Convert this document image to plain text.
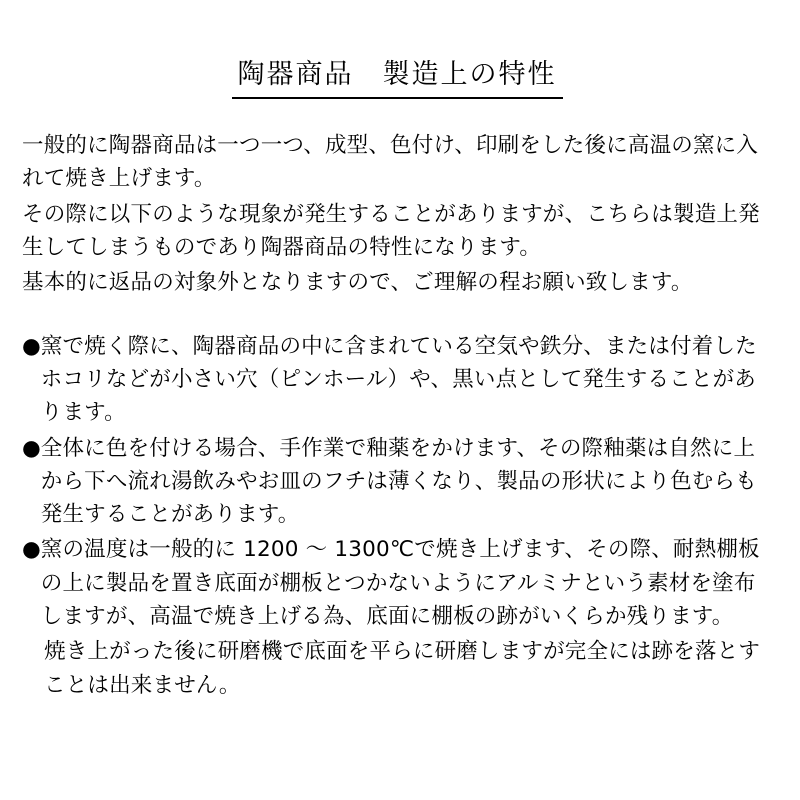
陶器商品　製造上の特性

一般的に陶器商品は一つ一つ、成型、色付け、印刷をした後に高温の窯に入れて焼き上げます。

その際に以下のような現象が発生することがありますが、こちらは製造上発生してしまうものであり陶器商品の特性になります。

基本的に返品の対象外となりますので、ご理解の程お願い致します。

● 窯で焼く際に、陶器商品の中に含まれている空気や鉄分、または付着したホコリなどが小さい穴（ピンホール）や、黒い点として発生することがあります。
● 全体に色を付ける場合、手作業で釉薬をかけます、その際釉薬は自然に上から下へ流れ湯飲みやお皿のフチは薄くなり、製品の形状により色むらも発生することがあります。
● 窯の温度は一般的に 1200 〜 1300℃で焼き上げます、その際、耐熱棚板の上に製品を置き底面が棚板とつかないようにアルミナという素材を塗布しますが、高温で焼き上げる為、底面に棚板の跡がいくらか残ります。

焼き上がった後に研磨機で底面を平らに研磨しますが完全には跡を落とすことは出来ません。
